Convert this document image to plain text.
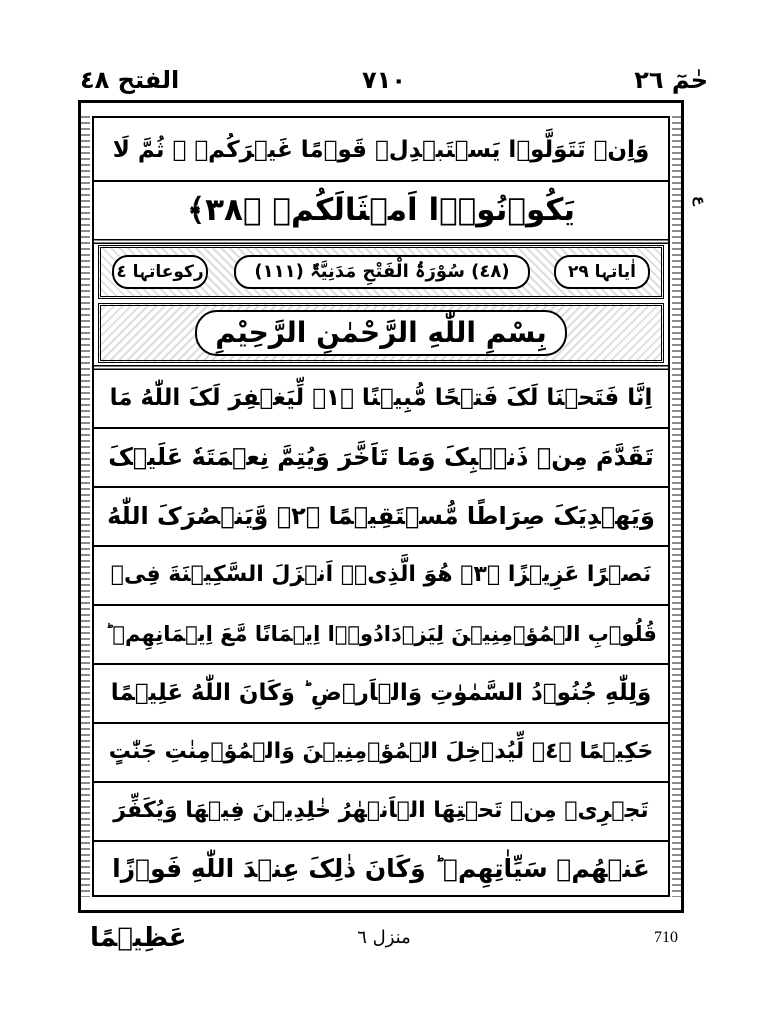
حٰمٓ ٢٦
٧١٠
الفتح ٤٨
ع
وَاِنۡ تَتَوَلَّوۡا یَسۡتَبۡدِلۡ قَوۡمًا غَیۡرَکُمۡ ۙ ثُمَّ لَا
یَکُوۡنُوۡۤا اَمۡثَالَکُمۡ ﴿٣٨﴾
رکوعاتہا ٤	(٤٨) سُوْرَۃُ الْفَتْحِ مَدَنِیَّۃٌ (١١١)	اٰیاتہا ٢٩
بِسْمِ اللّٰهِ الرَّحْمٰنِ الرَّحِیْمِ
اِنَّا فَتَحۡنَا لَکَ فَتۡحًا مُّبِیۡنًا ﴿١﴾ لِّیَغۡفِرَ لَکَ اللّٰهُ مَا
تَقَدَّمَ مِنۡ ذَنۡۢبِکَ وَمَا تَاَخَّرَ وَیُتِمَّ نِعۡمَتَهٗ عَلَیۡکَ
وَیَهۡدِیَکَ صِرَاطًا مُّسۡتَقِیۡمًا ﴿٢﴾ وَّیَنۡصُرَکَ اللّٰهُ
نَصۡرًا عَزِیۡزًا ﴿٣﴾ هُوَ الَّذِیۡۤ اَنۡزَلَ السَّکِیۡنَةَ فِیۡ
قُلُوۡبِ الۡمُؤۡمِنِیۡنَ لِیَزۡدَادُوۡۤا اِیۡمَانًا مَّعَ اِیۡمَانِهِمۡ ؕ
وَلِلّٰهِ جُنُوۡدُ السَّمٰوٰتِ وَالۡاَرۡضِ ؕ وَکَانَ اللّٰهُ عَلِیۡمًا
حَکِیۡمًا ﴿٤﴾ لِّیُدۡخِلَ الۡمُؤۡمِنِیۡنَ وَالۡمُؤۡمِنٰتِ جَنّٰتٍ
تَجۡرِیۡ مِنۡ تَحۡتِهَا الۡاَنۡهٰرُ خٰلِدِیۡنَ فِیۡهَا وَیُکَفِّرَ
عَنۡهُمۡ سَیِّاٰتِهِمۡ ؕ وَکَانَ ذٰلِکَ عِنۡدَ اللّٰهِ فَوۡزًا
عَظِیۡمًا	منزل ٦	710
